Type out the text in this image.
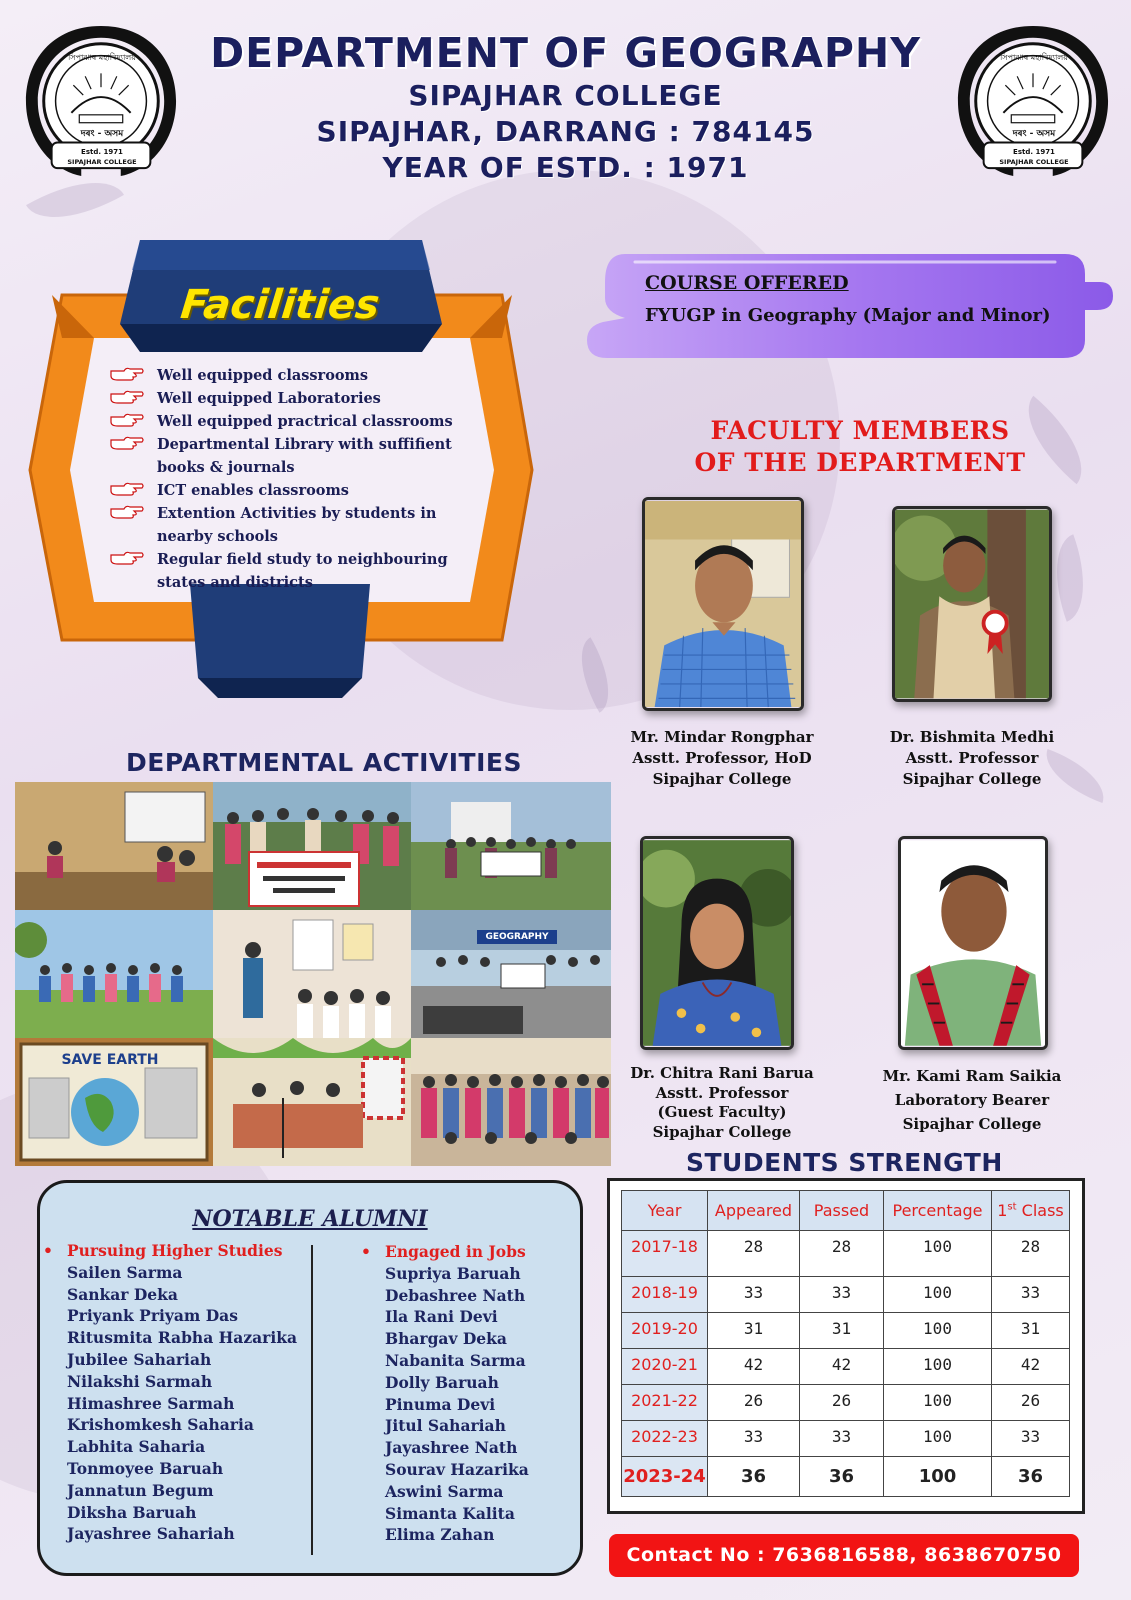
সিপাঝাৰ মহাবিদ্যালয়
দৰং - অসম
Estd. 1971
SIPAJHAR COLLEGE
সিপাঝাৰ মহাবিদ্যালয়
দৰং - অসম
Estd. 1971
SIPAJHAR COLLEGE
DEPARTMENT OF GEOGRAPHY
SIPAJHAR COLLEGE
SIPAJHAR, DARRANG : 784145
YEAR OF ESTD. : 1971
Facilities
Well equipped classrooms
Well equipped Laboratories
Well equipped practrical classrooms
Departmental Library with suffifient books & journals
ICT enables classrooms
Extention Activities by students in nearby schools
Regular field study to neighbouring states and districts
COURSE OFFERED
FYUGP in Geography (Major and Minor)
FACULTY MEMBERS
OF THE DEPARTMENT
Mr. Mindar Rongphar
Asstt. Professor, HoD
Sipajhar College
Dr. Bishmita Medhi
Asstt. Professor
Sipajhar College
Dr. Chitra Rani Barua
Asstt. Professor
(Guest Faculty)
Sipajhar College
Mr. Kami Ram Saikia
Laboratory Bearer
Sipajhar College
DEPARTMENTAL ACTIVITIES
GEOGRAPHY
SAVE EARTH
NOTABLE ALUMNI
• Pursuing Higher Studies
Sailen Sarma
Sankar Deka
Priyank Priyam Das
Ritusmita Rabha Hazarika
Jubilee Sahariah
Nilakshi Sarmah
Himashree Sarmah
Krishomkesh Saharia
Labhita Saharia
Tonmoyee Baruah
Jannatun Begum
Diksha Baruah
Jayashree Sahariah
• Engaged in Jobs
Supriya Baruah
Debashree Nath
Ila Rani Devi
Bhargav Deka
Nabanita Sarma
Dolly Baruah
Pinuma Devi
Jitul Sahariah
Jayashree Nath
Sourav Hazarika
Aswini Sarma
Simanta Kalita
Elima Zahan
STUDENTS STRENGTH
Year	Appeared	Passed	Percentage	1st Class
2017-18	28	28	100	28
2018-19	33	33	100	33
2019-20	31	31	100	31
2020-21	42	42	100	42
2021-22	26	26	100	26
2022-23	33	33	100	33
2023-24	36	36	100	36
Contact No : 7636816588, 8638670750
